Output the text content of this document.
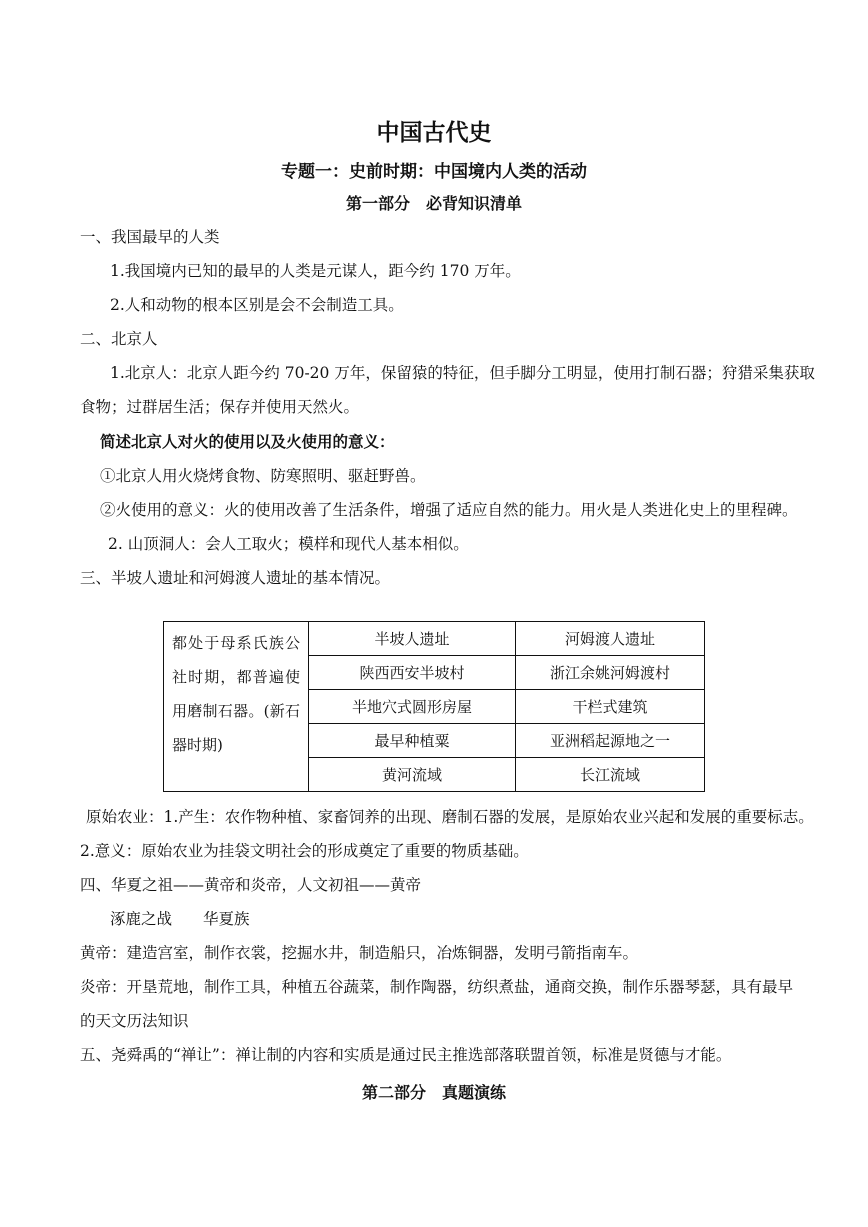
中国古代史
专题一：史前时期：中国境内人类的活动
第一部分　必背知识清单
一、我国最早的人类
1.我国境内已知的最早的人类是元谋人，距今约 170 万年。
2.人和动物的根本区别是会不会制造工具。
二、北京人
1.北京人：北京人距今约 70-20 万年，保留猿的特征，但手脚分工明显，使用打制石器；狩猎采集获取
食物；过群居生活；保存并使用天然火。
简述北京人对火的使用以及火使用的意义：
①北京人用火烧烤食物、防寒照明、驱赶野兽。
②火使用的意义：火的使用改善了生活条件，增强了适应自然的能力。用火是人类进化史上的里程碑。
2. 山顶洞人：会人工取火；模样和现代人基本相似。
三、半坡人遗址和河姆渡人遗址的基本情况。
都处于母系氏族公社时期，都普遍使用磨制石器。(新石器时期)	半坡人遗址	河姆渡人遗址
	陕西西安半坡村	浙江余姚河姆渡村
	半地穴式圆形房屋	干栏式建筑
	最早种植粟	亚洲稻起源地之一
	黄河流域	长江流域
原始农业：1.产生：农作物种植、家畜饲养的出现、磨制石器的发展，是原始农业兴起和发展的重要标志。
2.意义：原始农业为挂袋文明社会的形成奠定了重要的物质基础。
四、华夏之祖——黄帝和炎帝，人文初祖——黄帝
涿鹿之战　　华夏族
黄帝：建造宫室，制作衣裳，挖掘水井，制造船只，冶炼铜器，发明弓箭指南车。
炎帝：开垦荒地，制作工具，种植五谷蔬菜，制作陶器，纺织煮盐，通商交换，制作乐器琴瑟，具有最早
的天文历法知识
五、尧舜禹的“禅让”：禅让制的内容和实质是通过民主推选部落联盟首领，标准是贤德与才能。
第二部分　真题演练
